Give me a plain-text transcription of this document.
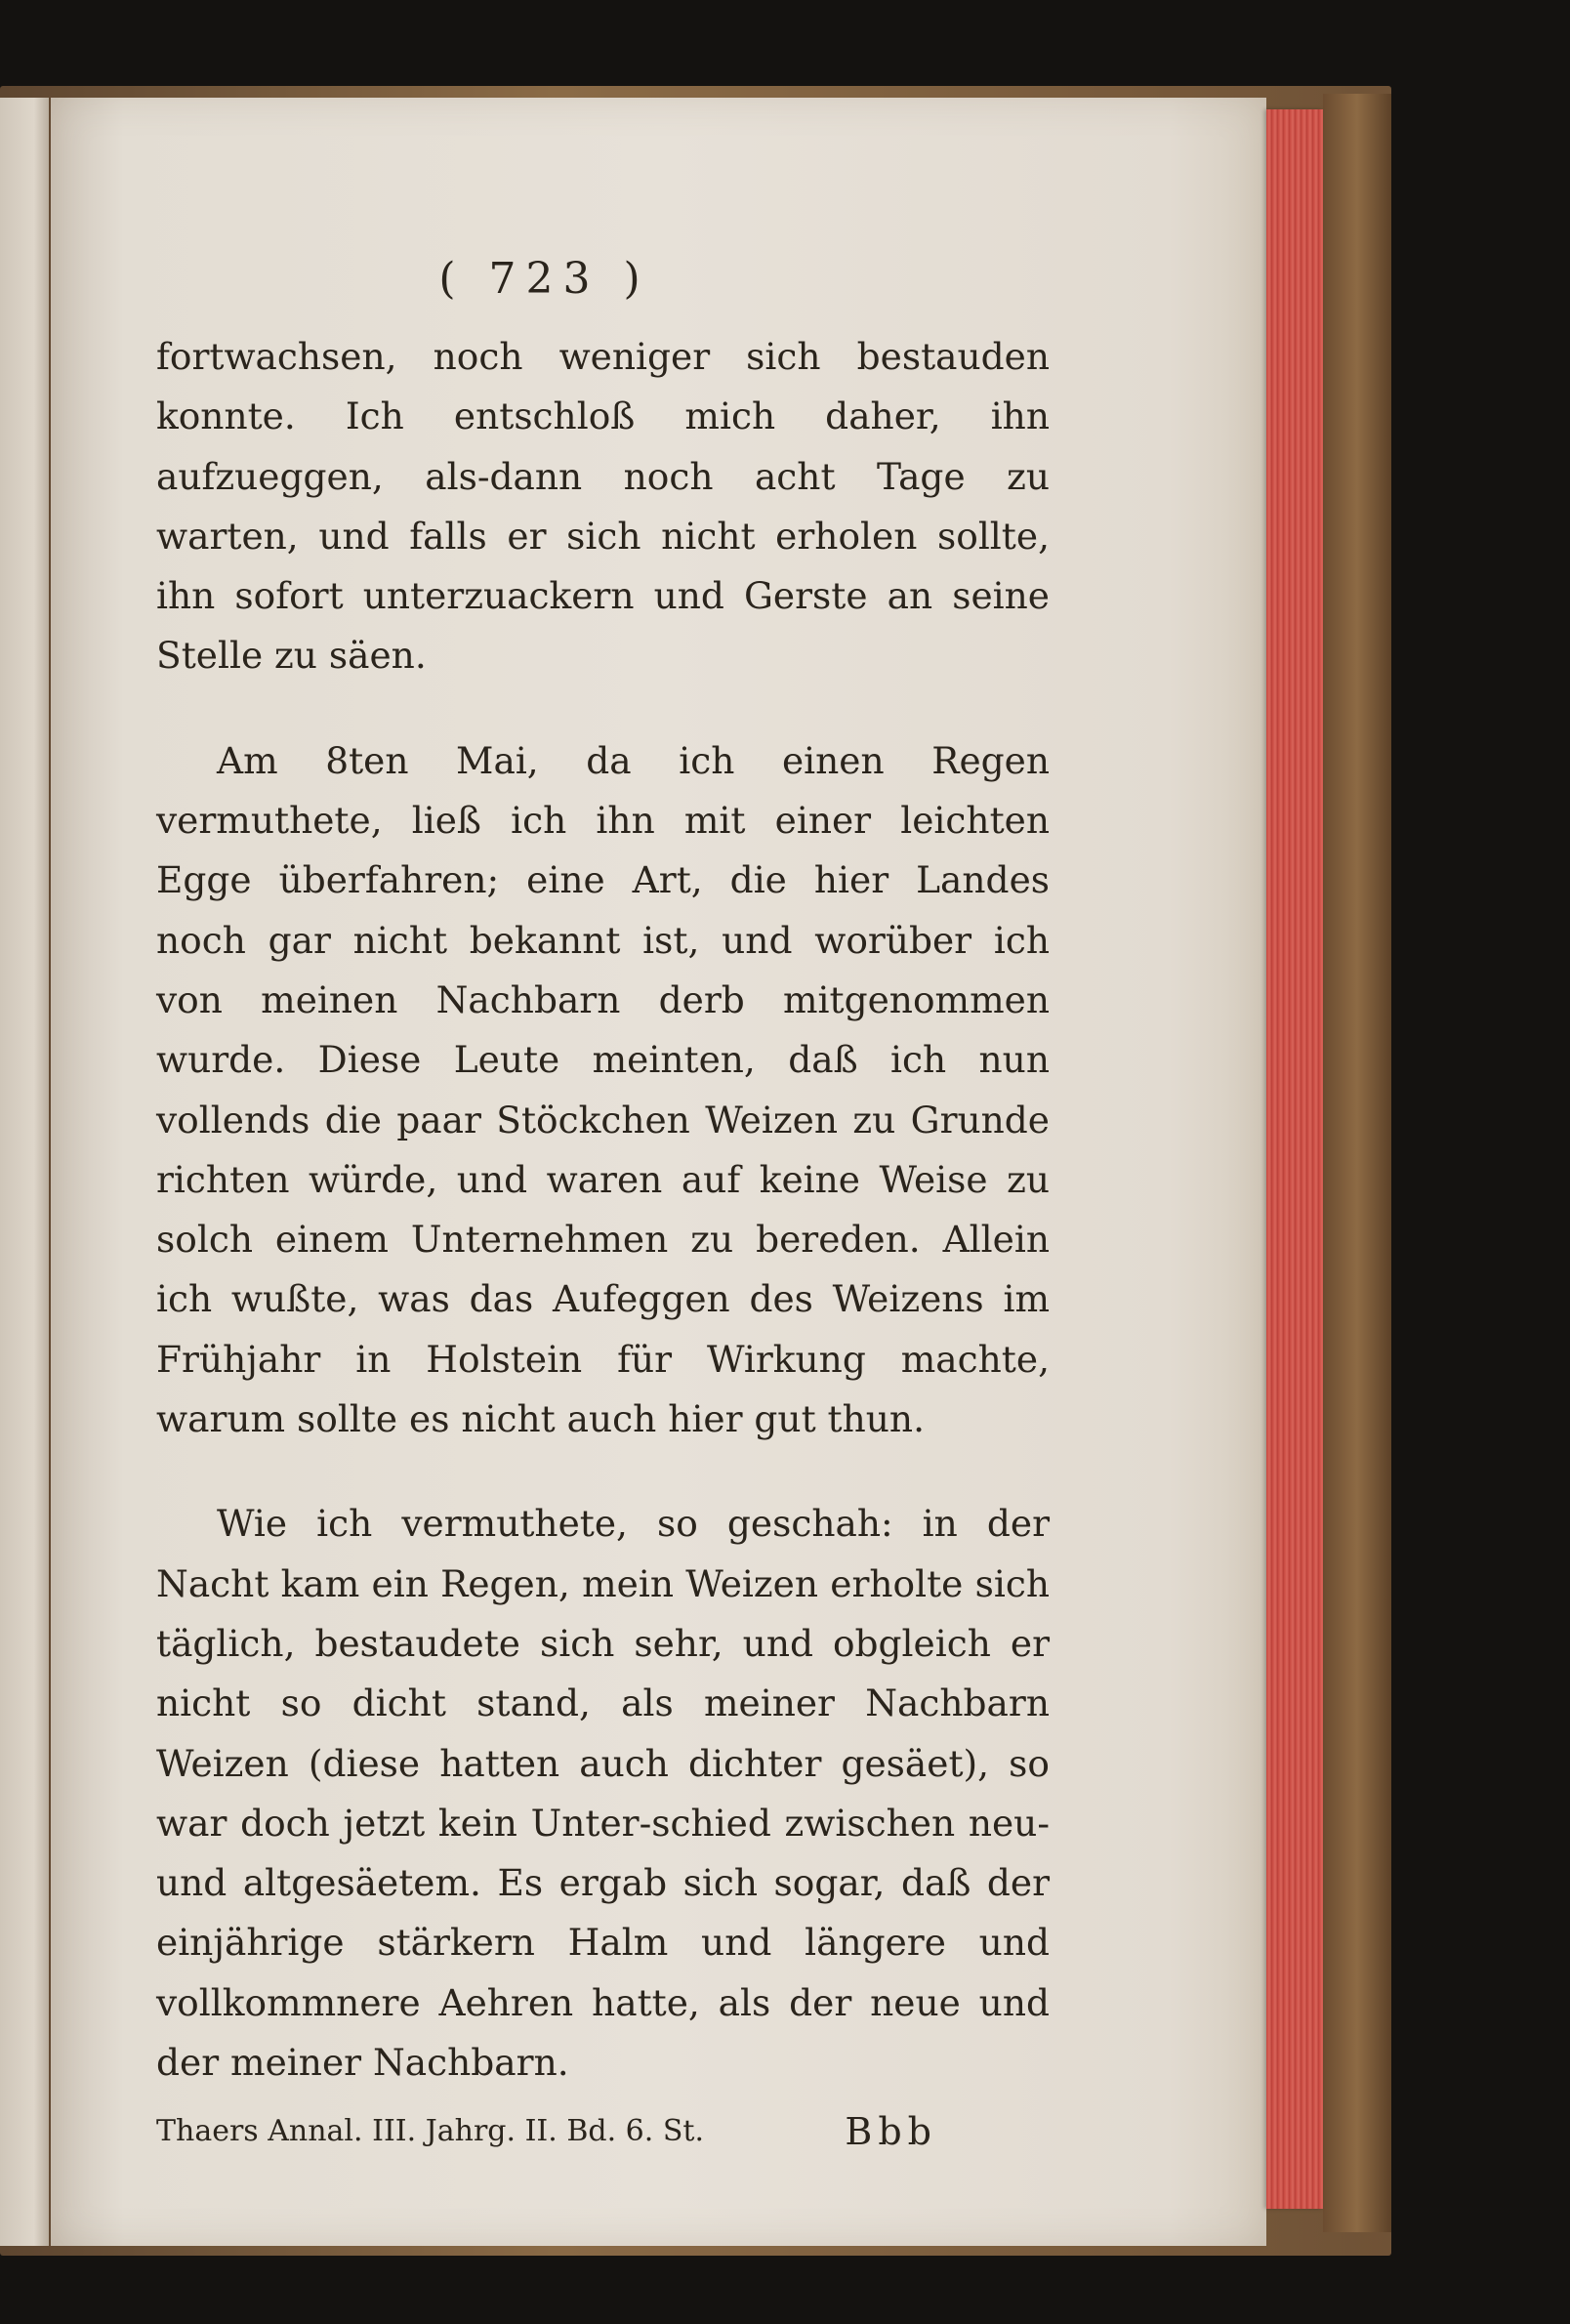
( 723 )

fortwachsen, noch weniger sich bestauden konnte. Ich entschloß mich daher, ihn aufzueggen, als-dann noch acht Tage zu warten, und falls er sich nicht erholen sollte, ihn sofort unterzuackern und Gerste an seine Stelle zu säen.

Am 8ten Mai, da ich einen Regen vermuthete, ließ ich ihn mit einer leichten Egge überfahren; eine Art, die hier Landes noch gar nicht bekannt ist, und worüber ich von meinen Nachbarn derb mitgenommen wurde. Diese Leute meinten, daß ich nun vollends die paar Stöckchen Weizen zu Grunde richten würde, und waren auf keine Weise zu solch einem Unternehmen zu bereden. Allein ich wußte, was das Aufeggen des Weizens im Frühjahr in Holstein für Wirkung machte, warum sollte es nicht auch hier gut thun.

Wie ich vermuthete, so geschah: in der Nacht kam ein Regen, mein Weizen erholte sich täglich, bestaudete sich sehr, und obgleich er nicht so dicht stand, als meiner Nachbarn Weizen (diese hatten auch dichter gesäet), so war doch jetzt kein Unter-schied zwischen neu- und altgesäetem. Es ergab sich sogar, daß der einjährige stärkern Halm und längere und vollkommnere Aehren hatte, als der neue und der meiner Nachbarn.

Thaers Annal. III. Jahrg. II. Bd. 6. St.	Bbb
